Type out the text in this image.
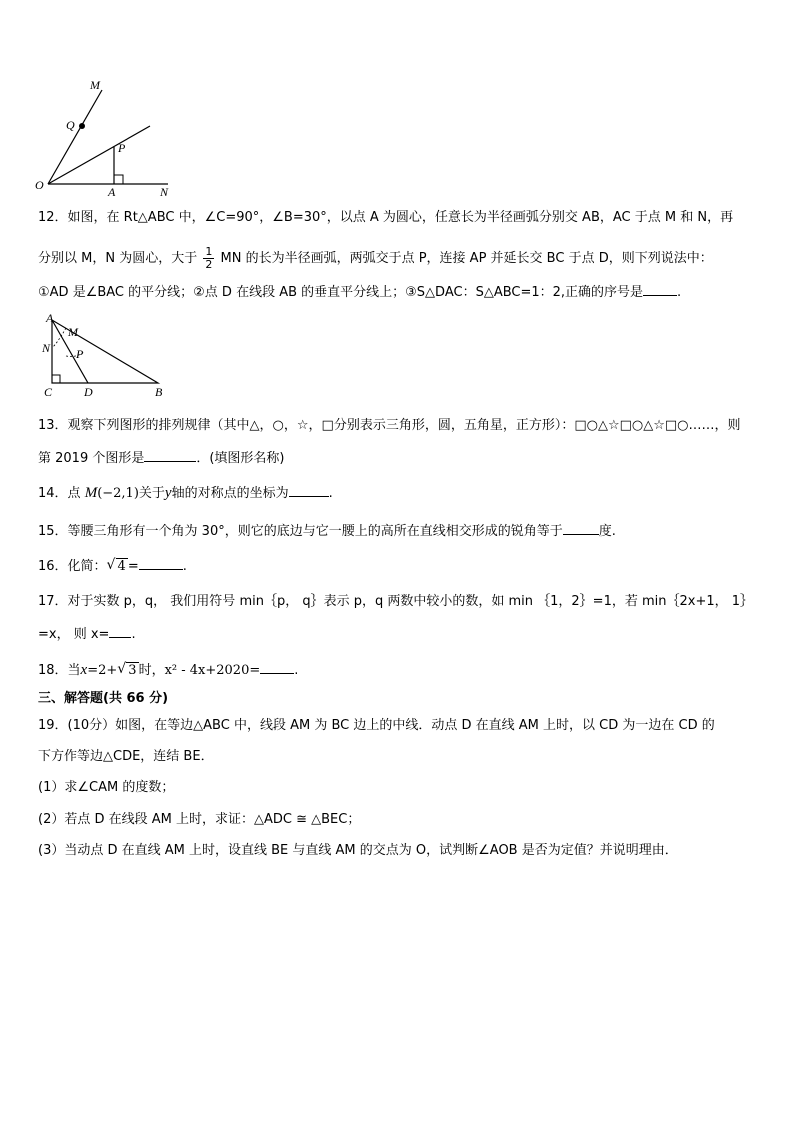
M
Q
P
O	A	N
12．如图，在 Rt△ABC 中，∠C=90°，∠B=30°，以点 A 为圆心，任意长为半径画弧分别交 AB，AC 于点 M 和 N，再
分别以 M，N 为圆心，大于 $\frac{1}{2}$ MN 的长为半径画弧，两弧交于点 P，连接 AP 并延长交 BC 于点 D，则下列说法中：
①AD 是∠BAC 的平分线；②点 D 在线段 AB 的垂直平分线上；③S△DAC：S△ABC=1：2,正确的序号是	.
A
M
N P
C	D	B
13．观察下列图形的排列规律（其中△，○，☆，□分别表示三角形，圆，五角星，正方形）：□○△☆□○△☆□○……，则
第 2019 个图形是	．(填图形名称)
14．点 M(−2,1)关于y轴的对称点的坐标为	.
15．等腰三角形有一个角为 30°，则它的底边与它一腰上的高所在直线相交形成的锐角等于	度.
16．化简： √ 4 =	.
17．对于实数 p，q， 我们用符号 min｛p， q｝表示 p，q 两数中较小的数，如 min ｛1，2｝=1，若 min｛2x+1， 1｝
=x， 则 x= .
18．当x=2+ √ 3 时，x² - 4x+2020=	.
三、解答题(共 66 分)
19．(10分）如图，在等边△ABC 中，线段 AM 为 BC 边上的中线．动点 D 在直线 AM 上时，以 CD 为一边在 CD 的
下方作等边△CDE，连结 BE．
(1）求∠CAM 的度数；
(2）若点 D 在线段 AM 上时，求证：△ADC ≅ △BEC；
(3）当动点 D 在直线 AM 上时，设直线 BE 与直线 AM 的交点为 O，试判断∠AOB 是否为定值？并说明理由．
